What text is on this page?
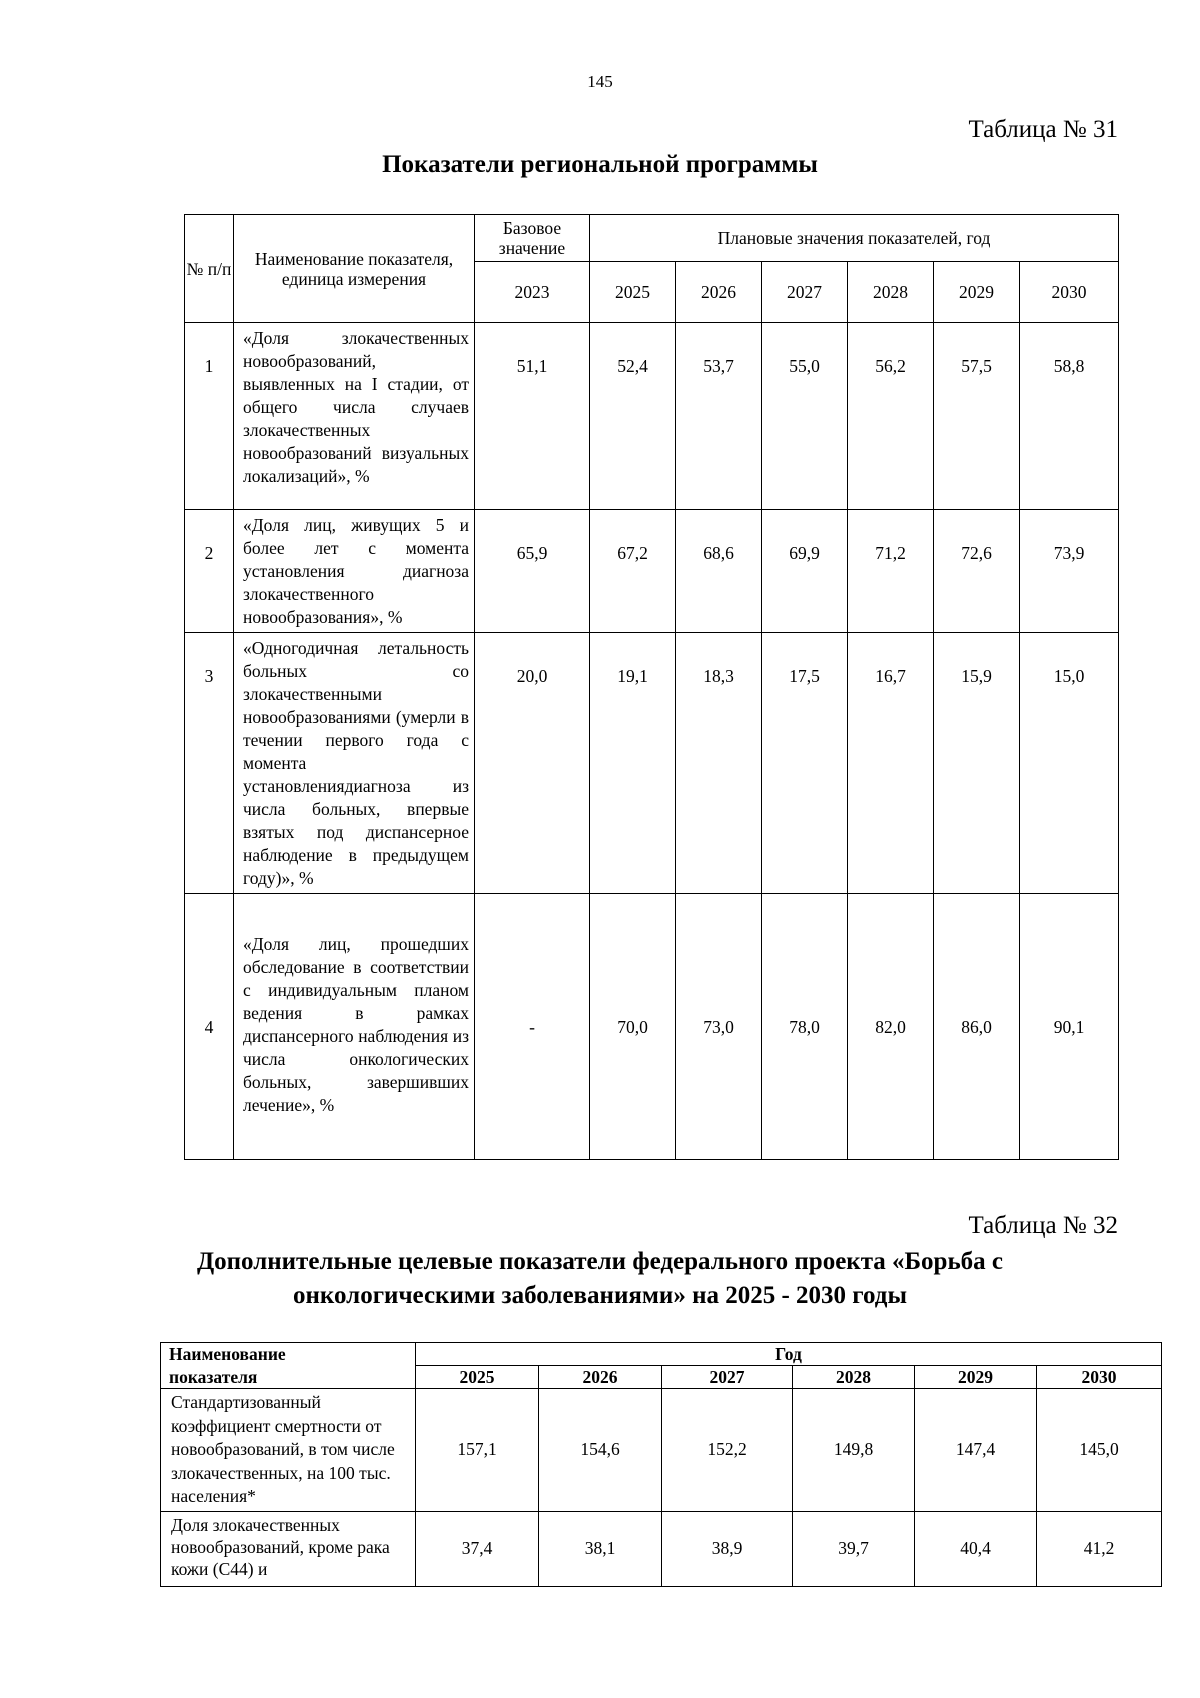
145
Таблица № 31
Показатели региональной программы
№ п/п	Наименование показателя, единица измерения	Базовое значение	Плановые значения показателей, год					
		2023	2025	2026	2027	2028	2029	2030
1	«Доля злокачественных новообразований, выявленных на I стадии, от общего числа случаев злокачественных новообразований визуальных локализаций», %	51,1	52,4	53,7	55,0	56,2	57,5	58,8
2	«Доля лиц, живущих 5 и более лет с момента установления диагноза злокачественного новообразования», %	65,9	67,2	68,6	69,9	71,2	72,6	73,9
3	«Одногодичная летальность больных со злокачественными новообразованиями (умерли в течении первого года с момента установлениядиагноза из числа больных, впервые взятых под диспансерное наблюдение в предыдущем году)», %	20,0	19,1	18,3	17,5	16,7	15,9	15,0
4	«Доля лиц, прошедших обследование в соответствии с индивидуальным планом ведения в рамках диспансерного наблюдения из числа онкологических больных, завершивших лечение», %	-	70,0	73,0	78,0	82,0	86,0	90,1
Таблица № 32
Дополнительные целевые показатели федерального проекта «Борьба с
онкологическими заболеваниями» на 2025 - 2030 годы
Наименование	Год					
показателя	2025	2026	2027	2028	2029	2030
Стандартизованный коэффициент смертности от новообразований, в том числе злокачественных, на 100 тыс. населения*	157,1	154,6	152,2	149,8	147,4	145,0
Доля злокачественных новообразований, кроме рака кожи (С44) и	37,4	38,1	38,9	39,7	40,4	41,2
